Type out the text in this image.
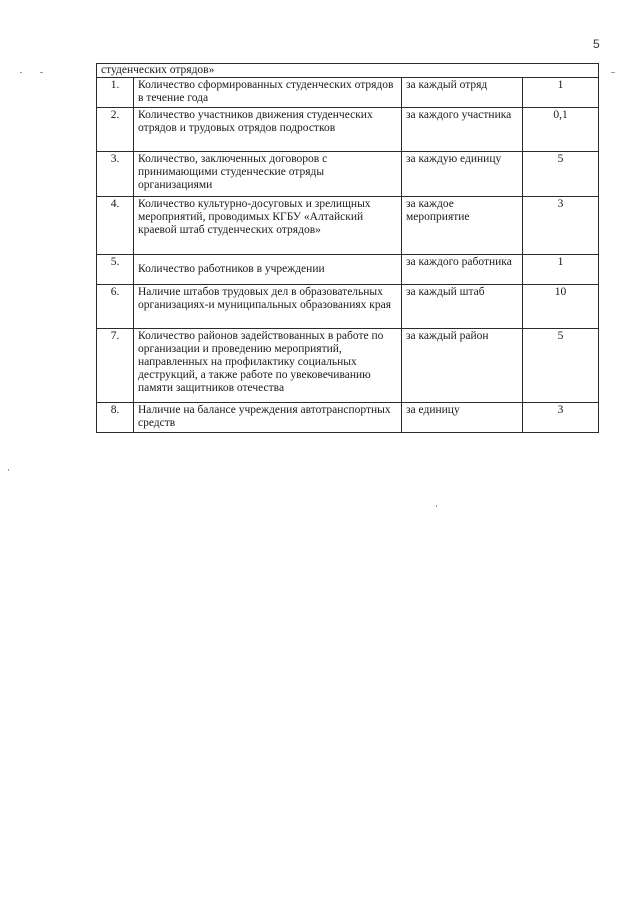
5
студенческих отрядов»			
1.	Количество сформированных студенческих отрядов в течение года	за каждый отряд	1
2.	Количество участников движения студенческих отрядов и трудовых отрядов подростков	за каждого участника	0,1
3.	Количество, заключенных договоров с принимающими студенческие отряды организациями	за каждую единицу	5
4.	Количество культурно-досуговых и зрелищных мероприятий, проводимых КГБУ «Алтайский краевой штаб студенческих отрядов»	за каждое мероприятие	3
5.	Количество работников в учреждении	за каждого работника	1
6.	Наличие штабов трудовых дел в образовательных организациях-и муниципальных образованиях края	за каждый штаб	10
7.	Количество районов задействованных в работе по организации и проведению мероприятий, направленных на профилактику социальных деструкций, а также работе по увековечиванию памяти защитников отечества	за каждый район	5
8.	Наличие на балансе учреждения автотранспортных средств	за единицу	3
